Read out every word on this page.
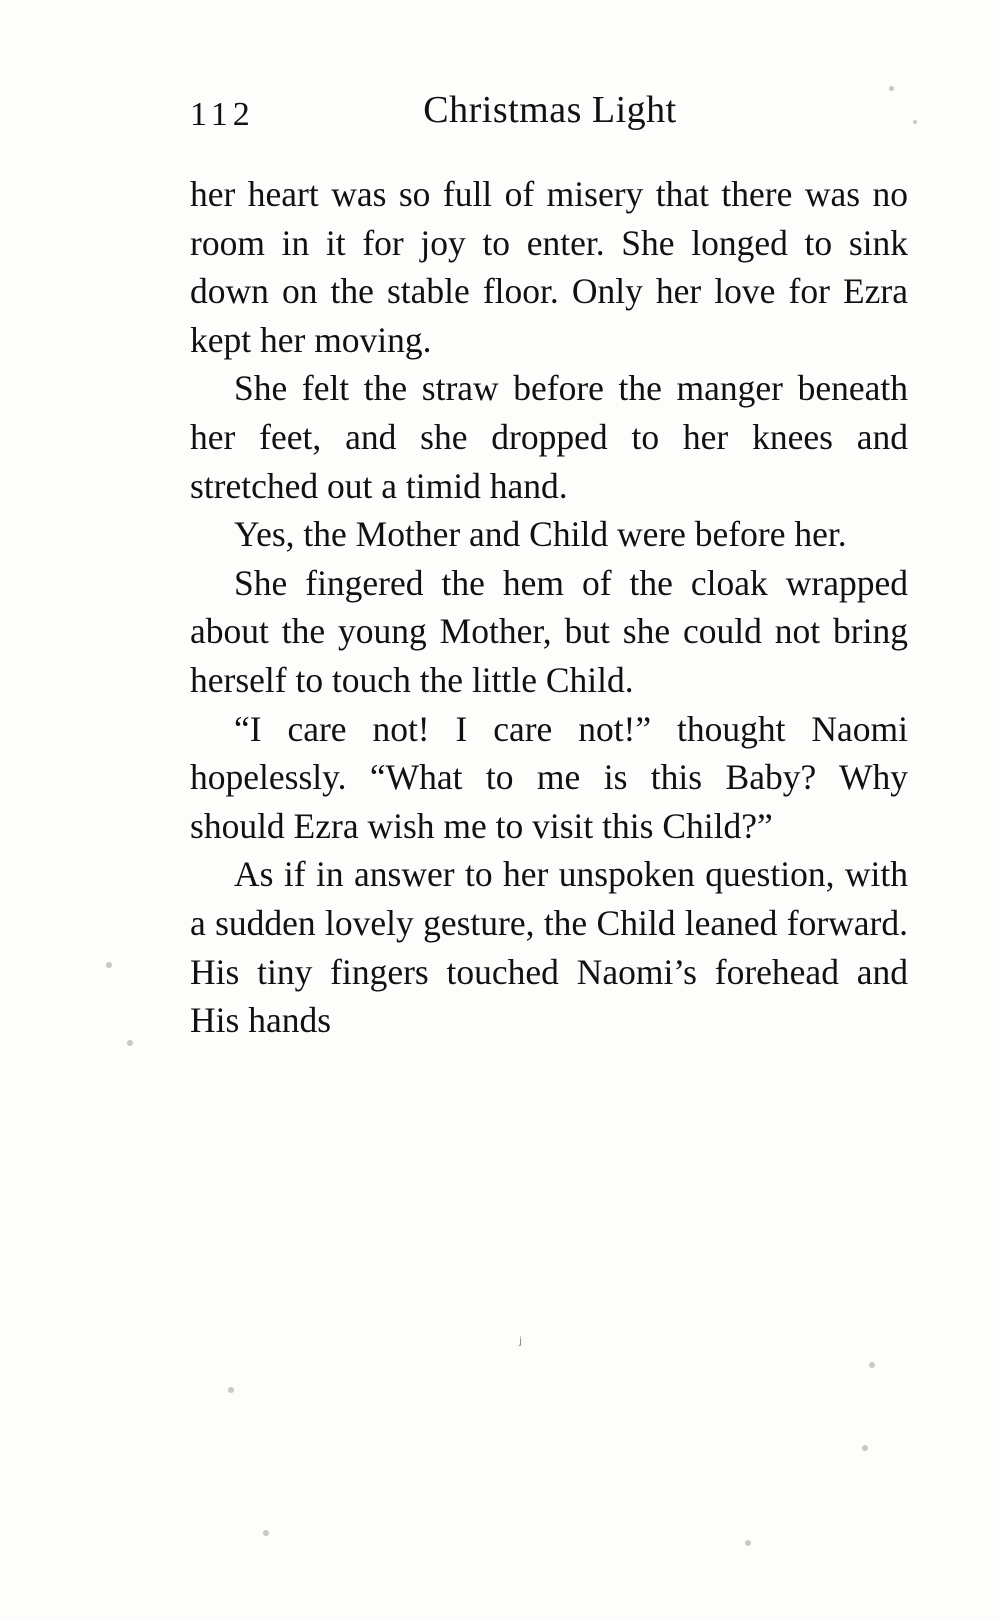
112	Christmas Light

her heart was so full of misery that there was no room in it for joy to enter. She longed to sink down on the stable floor. Only her love for Ezra kept her moving.

She felt the straw before the manger beneath her feet, and she dropped to her knees and stretched out a timid hand.

Yes, the Mother and Child were before her.

She fingered the hem of the cloak wrapped about the young Mother, but she could not bring herself to touch the little Child.

“I care not! I care not!” thought Naomi hopelessly. “What to me is this Baby? Why should Ezra wish me to visit this Child?”

As if in answer to her unspoken question, with a sudden lovely gesture, the Child leaned forward. His tiny fingers touched Naomi’s forehead and His hands

ⱼ
